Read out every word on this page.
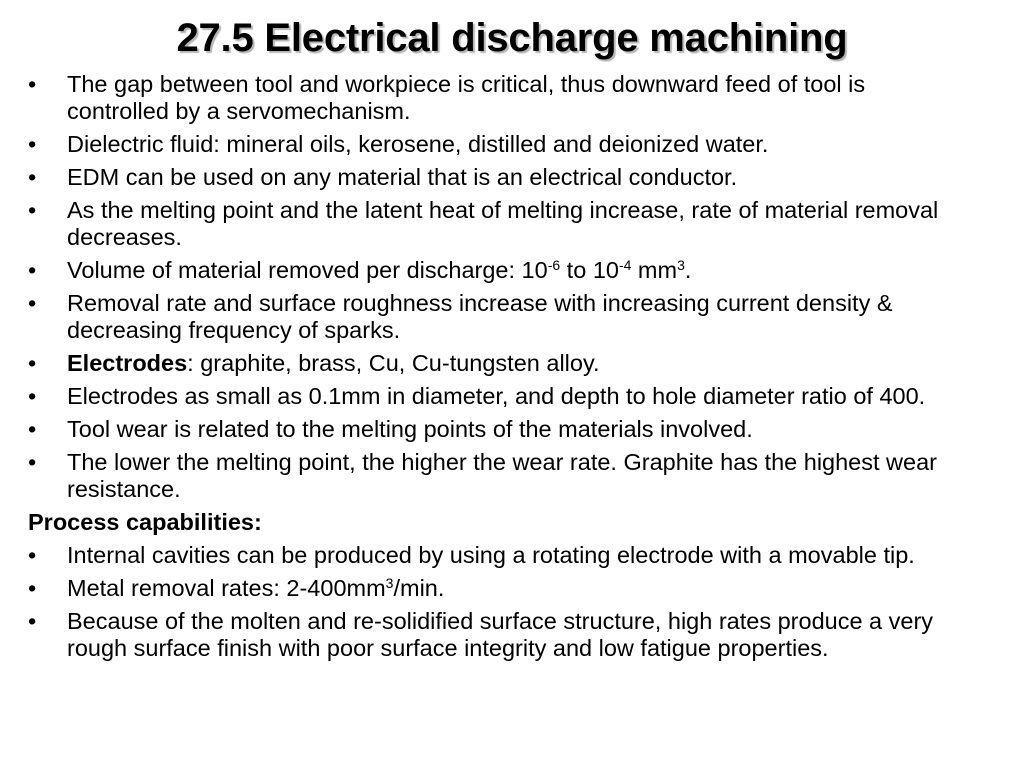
27.5 Electrical discharge machining
•	The gap between tool and workpiece is critical, thus downward feed of tool is controlled by a servomechanism.
•	Dielectric fluid: mineral oils, kerosene, distilled and deionized water.
•	EDM can be used on any material that is an electrical conductor.
•	As the melting point and the latent heat of melting increase, rate of material removal decreases.
•	Volume of material removed per discharge: $10^{-6}$ to $10^{-4}$ $mm^3$.
•	Removal rate and surface roughness increase with increasing current density & decreasing frequency of sparks.
•	Electrodes: graphite, brass, Cu, Cu-tungsten alloy.
•	Electrodes as small as 0.1mm in diameter, and depth to hole diameter ratio of 400.
•	Tool wear is related to the melting points of the materials involved.
•	The lower the melting point, the higher the wear rate. Graphite has the highest wear resistance.
Process capabilities:
•	Internal cavities can be produced by using a rotating electrode with a movable tip.
•	Metal removal rates: $2-400mm^3/\min$.
•	Because of the molten and re-solidified surface structure, high rates produce a very rough surface finish with poor surface integrity and low fatigue properties.
